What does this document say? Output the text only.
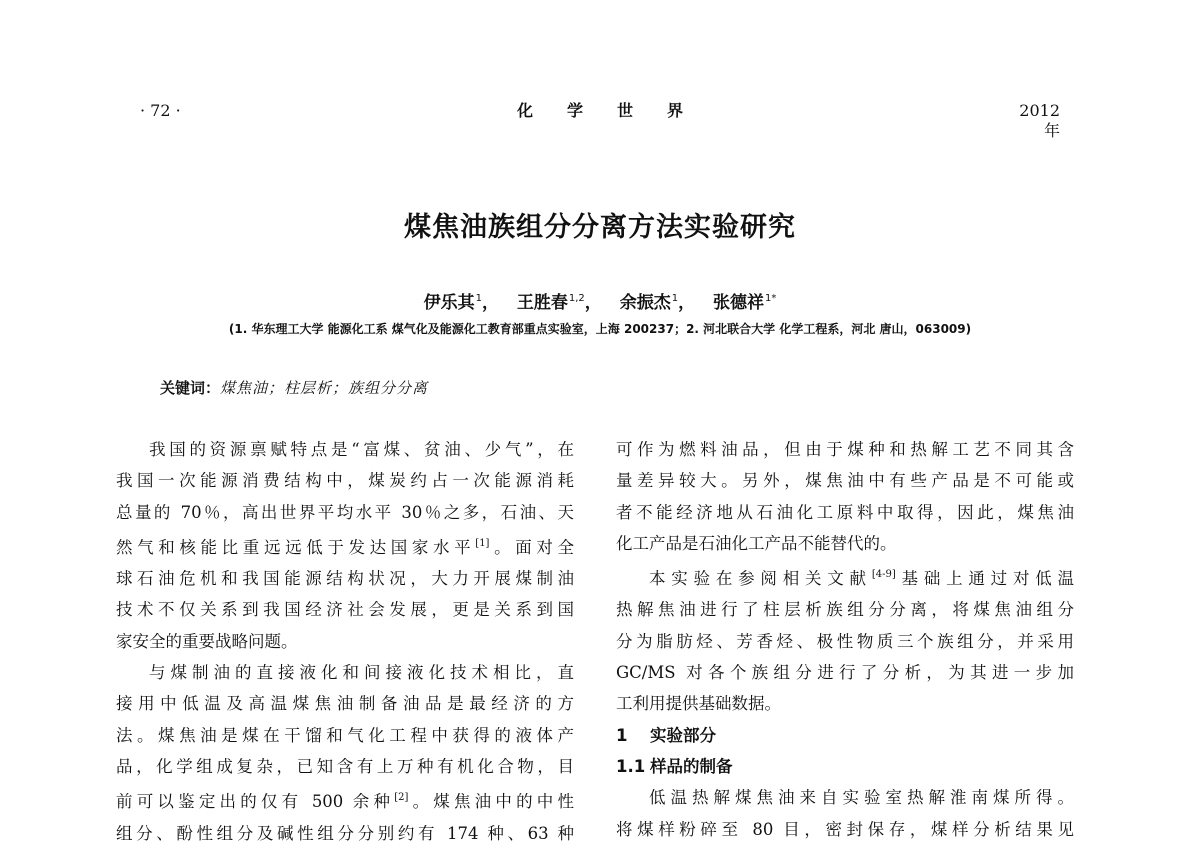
· 72 ·	化学世界	2012 年
煤焦油族组分分离方法实验研究
伊乐其$^1$， 王胜春$^{1,2}$， 余振杰$^1$， 张德祥$^{1*}$
(1. 华东理工大学 能源化工系 煤气化及能源化工教育部重点实验室，上海 200237；2. 河北联合大学 化学工程系，河北 唐山，063009)
关键词：煤焦油；柱层析；族组分分离
我国的资源禀赋特点是“富煤、贫油、少气”，在
我国一次能源消费结构中，煤炭约占一次能源消耗
总量的 70％，高出世界平均水平 30％之多，石油、天
然气和核能比重远远低于发达国家水平[1]。面对全
球石油危机和我国能源结构状况，大力开展煤制油
技术不仅关系到我国经济社会发展，更是关系到国
家安全的重要战略问题。
与煤制油的直接液化和间接液化技术相比，直
接用中低温及高温煤焦油制备油品是最经济的方
法。煤焦油是煤在干馏和气化工程中获得的液体产
品，化学组成复杂，已知含有上万种有机化合物，目
前可以鉴定出的仅有 500 余种[2]。煤焦油中的中性
组分、酚性组分及碱性组分分别约有 174 种、63 种
可作为燃料油品，但由于煤种和热解工艺不同其含
量差异较大。另外，煤焦油中有些产品是不可能或
者不能经济地从石油化工原料中取得，因此，煤焦油
化工产品是石油化工产品不能替代的。
本实验在参阅相关文献[4-9]基础上通过对低温
热解焦油进行了柱层析族组分分离，将煤焦油组分
分为脂肪烃、芳香烃、极性物质三个族组分，并采用
GC/MS 对各个族组分进行了分析，为其进一步加
工利用提供基础数据。
1 实验部分
1.1 样品的制备
低温热解煤焦油来自实验室热解淮南煤所得。
将煤样粉碎至 80 目，密封保存，煤样分析结果见
